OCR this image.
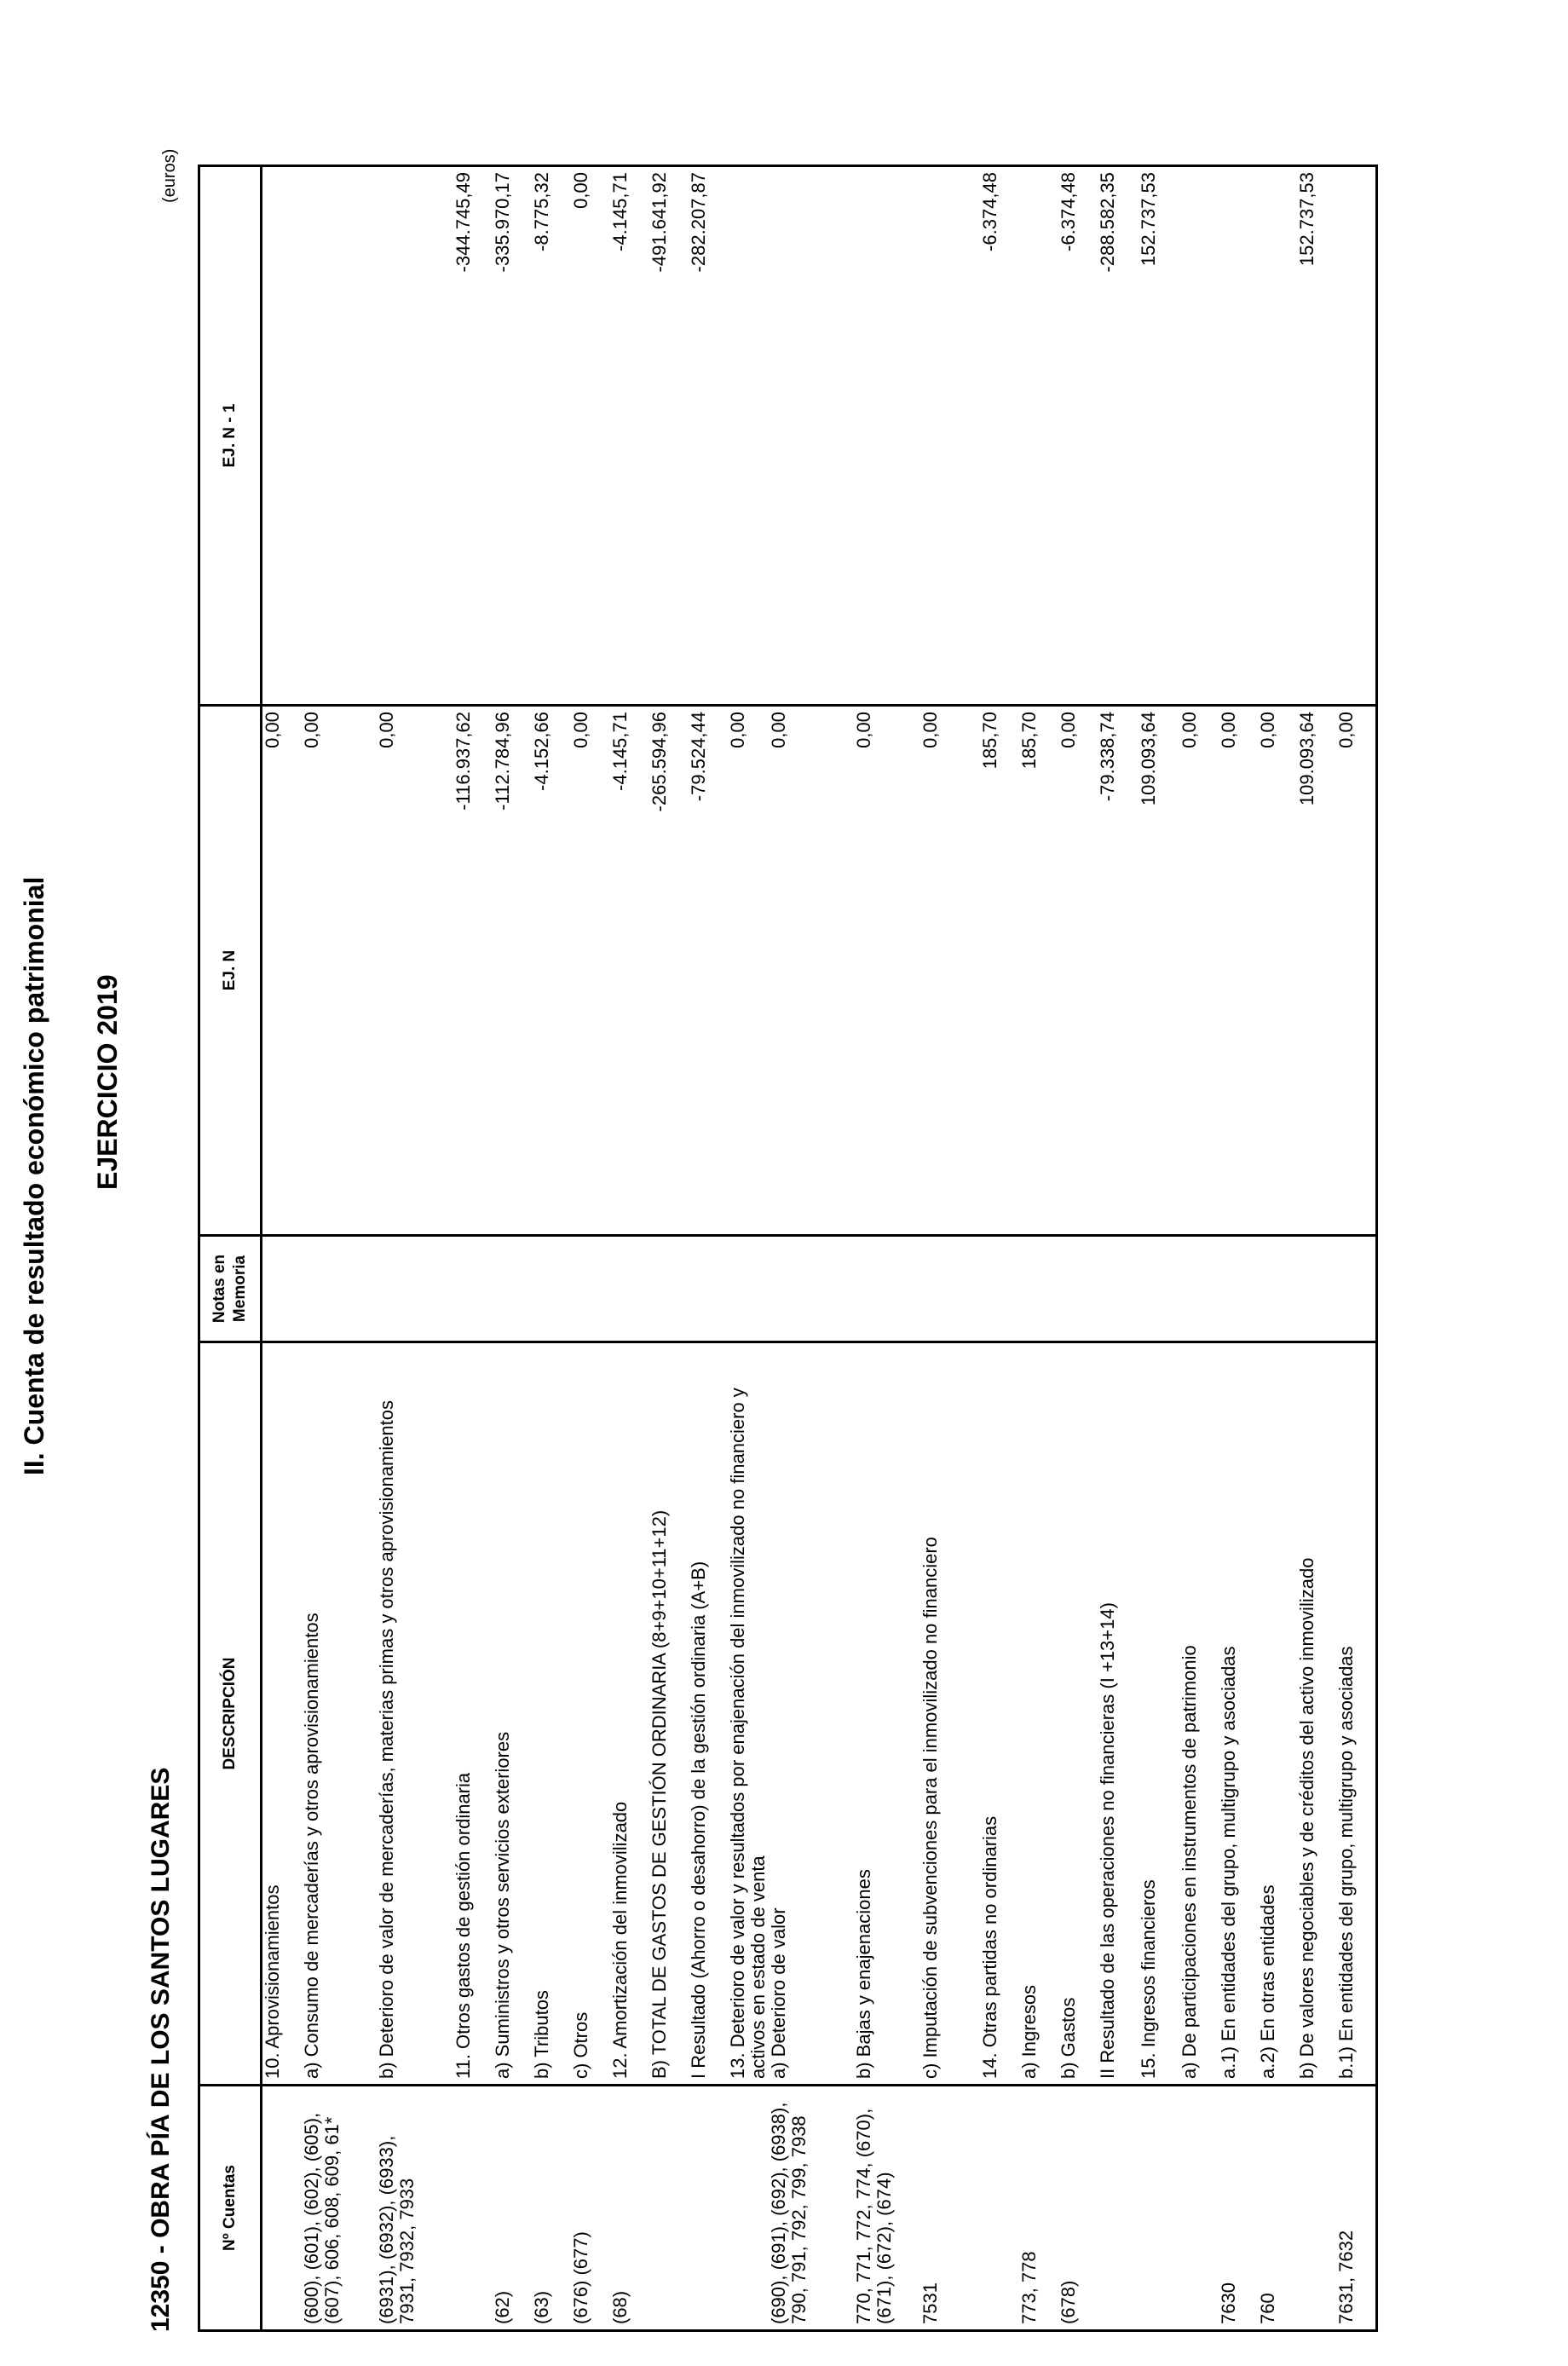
II. Cuenta de resultado económico patrimonial EJERCICIO 2019
12350 - OBRA PÍA DE LOS SANTOS LUGARES
(euros)
Nº Cuentas	DESCRIPCIÓN	Notas en Memoria	EJ. N	EJ. N - 1
	10. Aprovisionamientos		0,00	
(600), (601), (602), (605), (607), 606, 608, 609, 61*	a) Consumo de mercaderías y otros aprovisionamientos		0,00	
(6931), (6932), (6933), 7931, 7932, 7933	b) Deterioro de valor de mercaderías, materias primas y otros aprovisionamientos		0,00	
	11. Otros gastos de gestión ordinaria		-116.937,62	-344.745,49
(62)	a) Suministros y otros servicios exteriores		-112.784,96	-335.970,17
(63)	b) Tributos		-4.152,66	-8.775,32
(676) (677)	c) Otros		0,00	0,00
(68)	12. Amortización del inmovilizado		-4.145,71	-4.145,71
	B) TOTAL DE GASTOS DE GESTIÓN ORDINARIA (8+9+10+11+12)		-265.594,96	-491.641,92
	I Resultado (Ahorro o desahorro) de la gestión ordinaria (A+B)		-79.524,44	-282.207,87
	13. Deterioro de valor y resultados por enajenación del inmovilizado no financiero y activos en estado de venta		0,00	
(690), (691), (692), (6938), 790, 791, 792, 799, 7938	a) Deterioro de valor		0,00	
770, 771, 772, 774, (670), (671), (672), (674)	b) Bajas y enajenaciones		0,00	
7531	c) Imputación de subvenciones para el inmovilizado no financiero		0,00	
	14. Otras partidas no ordinarias		185,70	-6.374,48
773, 778	a) Ingresos		185,70	
(678)	b) Gastos		0,00	-6.374,48
	II Resultado de las operaciones no financieras (I +13+14)		-79.338,74	-288.582,35
	15. Ingresos financieros		109.093,64	152.737,53
	a) De participaciones en instrumentos de patrimonio		0,00	
7630	a.1) En entidades del grupo, multigrupo y asociadas		0,00	
760	a.2) En otras entidades		0,00	
	b) De valores negociables y de créditos del activo inmovilizado		109.093,64	152.737,53
7631, 7632	b.1) En entidades del grupo, multigrupo y asociadas		0,00	
